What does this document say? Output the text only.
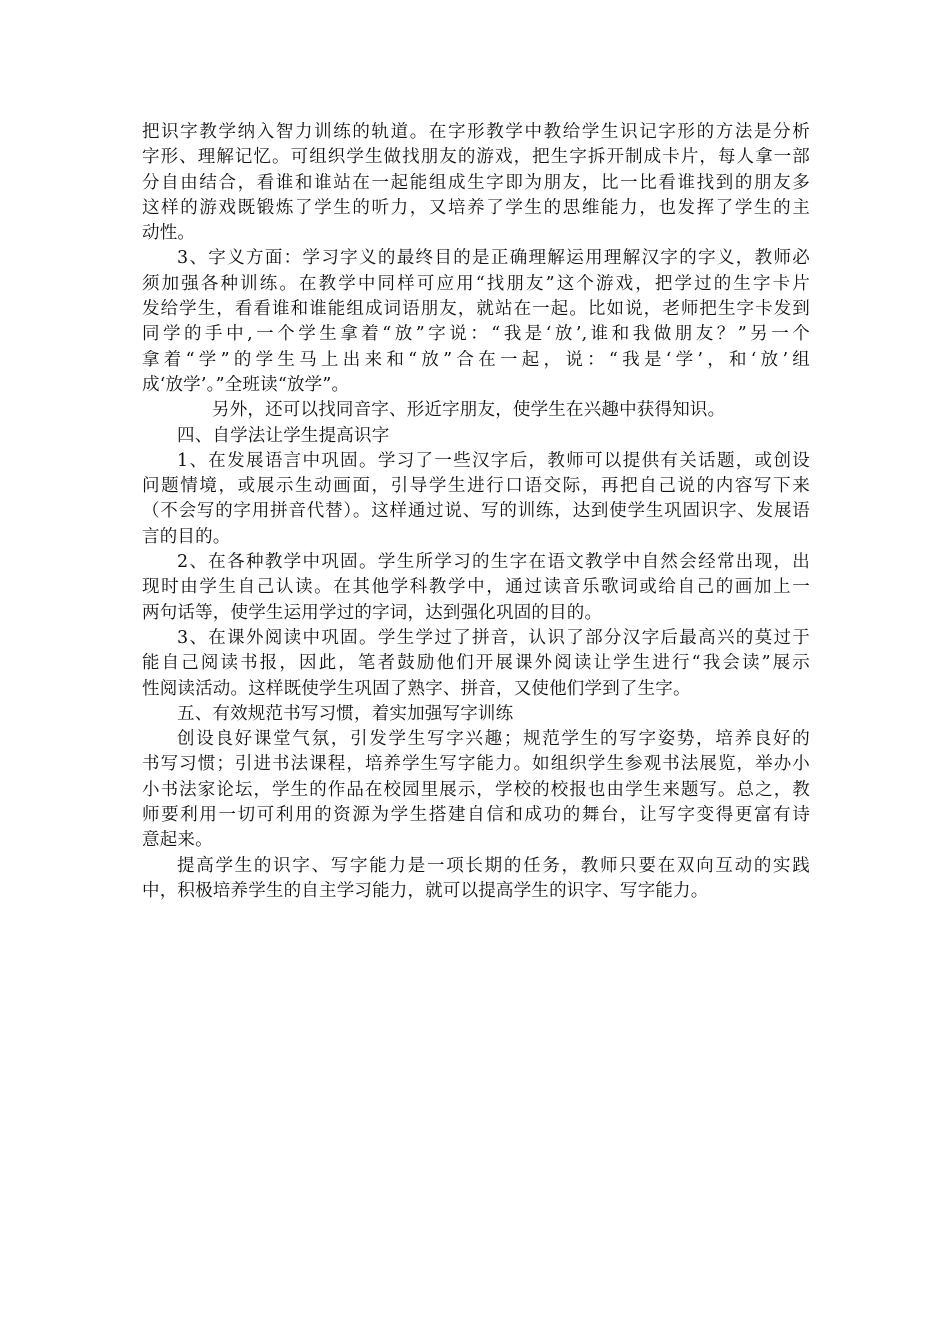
把识字教学纳入智力训练的轨道。在字形教学中教给学生识记字形的方法是分析
字形、理解记忆。可组织学生做找朋友的游戏，把生字拆开制成卡片，每人拿一部
分自由结合，看谁和谁站在一起能组成生字即为朋友，比一比看谁找到的朋友多
这样的游戏既锻炼了学生的听力，又培养了学生的思维能力，也发挥了学生的主
动性。
3、字义方面：学习字义的最终目的是正确理解运用理解汉字的字义，教师必
须加强各种训练。在教学中同样可应用“找朋友”这个游戏，把学过的生字卡片
发给学生，看看谁和谁能组成词语朋友，就站在一起。比如说，老师把生字卡发到
同学的手中,一个学生拿着“放”字说：“我是‘放’,谁和我做朋友？”另一个
拿着“学”的学生马上出来和“放”合在一起，说：“我是‘学’，和‘放’组
成‘放学’。”全班读“放学”。
另外，还可以找同音字、形近字朋友，使学生在兴趣中获得知识。
四、自学法让学生提高识字
1、在发展语言中巩固。学习了一些汉字后，教师可以提供有关话题，或创设
问题情境，或展示生动画面，引导学生进行口语交际，再把自己说的内容写下来
（不会写的字用拼音代替）。这样通过说、写的训练，达到使学生巩固识字、发展语
言的目的。
2、在各种教学中巩固。学生所学习的生字在语文教学中自然会经常出现，出
现时由学生自己认读。在其他学科教学中，通过读音乐歌词或给自己的画加上一
两句话等，使学生运用学过的字词，达到强化巩固的目的。
3、在课外阅读中巩固。学生学过了拼音，认识了部分汉字后最高兴的莫过于
能自己阅读书报，因此，笔者鼓励他们开展课外阅读让学生进行“我会读”展示
性阅读活动。这样既使学生巩固了熟字、拼音，又使他们学到了生字。
五、有效规范书写习惯，着实加强写字训练
创设良好课堂气氛，引发学生写字兴趣；规范学生的写字姿势，培养良好的
书写习惯；引进书法课程，培养学生写字能力。如组织学生参观书法展览，举办小
小书法家论坛，学生的作品在校园里展示，学校的校报也由学生来题写。总之，教
师要利用一切可利用的资源为学生搭建自信和成功的舞台，让写字变得更富有诗
意起来。
提高学生的识字、写字能力是一项长期的任务，教师只要在双向互动的实践
中，积极培养学生的自主学习能力，就可以提高学生的识字、写字能力。
